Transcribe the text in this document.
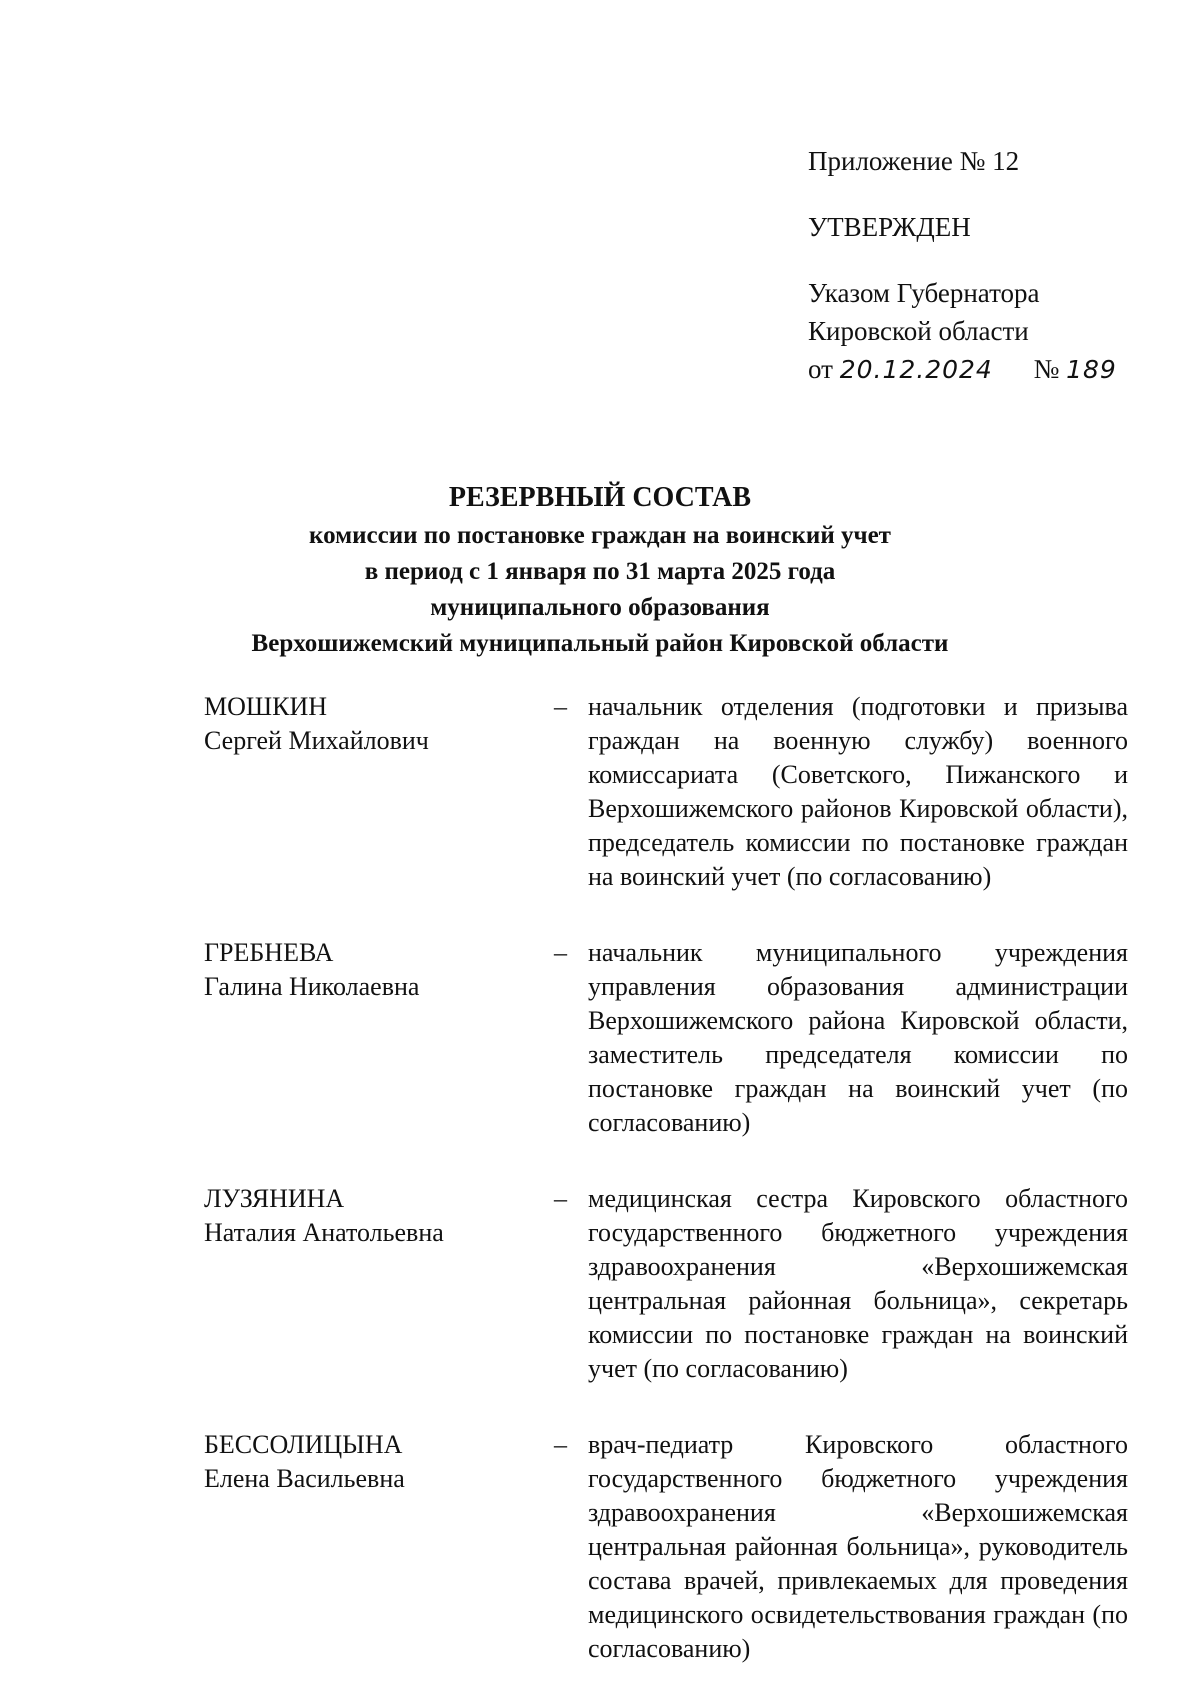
Приложение № 12
УТВЕРЖДЕН
Указом Губернатора
Кировской области
от 20.12.2024 № 189
РЕЗЕРВНЫЙ СОСТАВ
комиссии по постановке граждан на воинский учет
в период с 1 января по 31 марта 2025 года
муниципального образования
Верхошижемский муниципальный район Кировской области
МОШКИН
Сергей Михайлович
– начальник отделения (подготовки и призыва граждан на военную службу) военного комиссариата (Советского, Пижанского и Верхошижемского районов Кировской области), председатель комиссии по постановке граждан на воинский учет (по согласованию)
ГРЕБНЕВА
Галина Николаевна
– начальник муниципального учреждения управления образования администрации Верхошижемского района Кировской области, заместитель председателя комиссии по постановке граждан на воинский учет (по согласованию)
ЛУЗЯНИНА
Наталия Анатольевна
– медицинская сестра Кировского областного государственного бюджетного учреждения здравоохранения «Верхошижемская центральная районная больница», секретарь комиссии по постановке граждан на воинский учет (по согласованию)
БЕССОЛИЦЫНА
Елена Васильевна
– врач-педиатр Кировского областного государственного бюджетного учреждения здравоохранения «Верхошижемская центральная районная больница», руководитель состава врачей, привлекаемых для проведения медицинского освидетельствования граждан (по согласованию)
